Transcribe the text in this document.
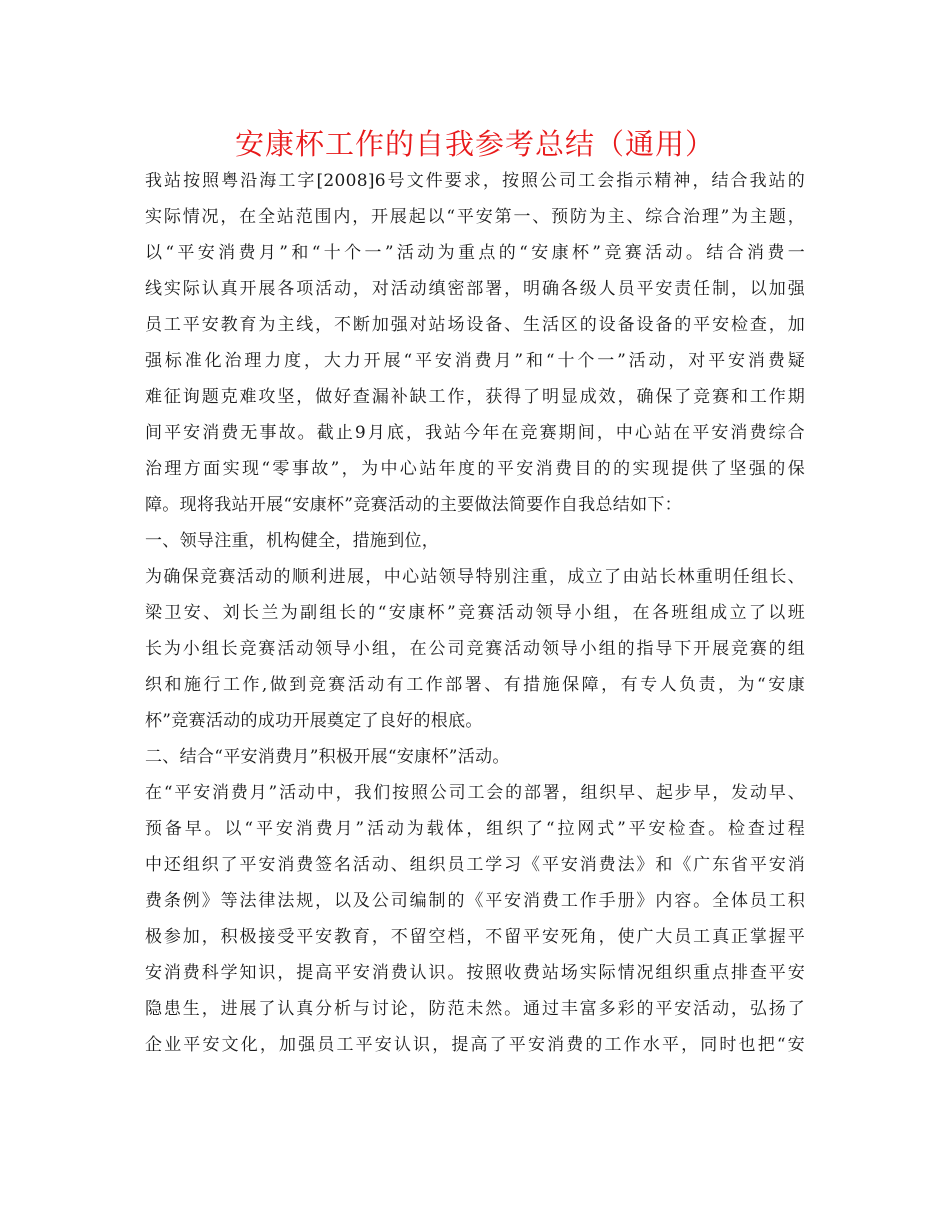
安康杯工作的自我参考总结（通用）
我站按照粤沿海工字[2008]6号文件要求，按照公司工会指示精神，结合我站的
实际情况，在全站范围内，开展起以“平安第一、预防为主、综合治理”为主题，
以“平安消费月”和“十个一”活动为重点的“安康杯”竞赛活动。结合消费一
线实际认真开展各项活动，对活动缜密部署，明确各级人员平安责任制，以加强
员工平安教育为主线，不断加强对站场设备、生活区的设备设备的平安检查，加
强标准化治理力度，大力开展“平安消费月”和“十个一”活动，对平安消费疑
难征询题克难攻坚，做好查漏补缺工作，获得了明显成效，确保了竞赛和工作期
间平安消费无事故。截止9月底，我站今年在竞赛期间，中心站在平安消费综合
治理方面实现“零事故”，为中心站年度的平安消费目的的实现提供了坚强的保
障。现将我站开展“安康杯”竞赛活动的主要做法简要作自我总结如下：
一、领导注重，机构健全，措施到位，
为确保竞赛活动的顺利进展，中心站领导特别注重，成立了由站长林重明任组长、
梁卫安、刘长兰为副组长的“安康杯”竞赛活动领导小组，在各班组成立了以班
长为小组长竞赛活动领导小组，在公司竞赛活动领导小组的指导下开展竞赛的组
织和施行工作,做到竞赛活动有工作部署、有措施保障，有专人负责，为“安康
杯”竞赛活动的成功开展奠定了良好的根底。
二、结合“平安消费月”积极开展“安康杯”活动。
在“平安消费月”活动中，我们按照公司工会的部署，组织早、起步早，发动早、
预备早。以“平安消费月”活动为载体，组织了“拉网式”平安检查。检查过程
中还组织了平安消费签名活动、组织员工学习《平安消费法》和《广东省平安消
费条例》等法律法规，以及公司编制的《平安消费工作手册》内容。全体员工积
极参加，积极接受平安教育，不留空档，不留平安死角，使广大员工真正掌握平
安消费科学知识，提高平安消费认识。按照收费站场实际情况组织重点排查平安
隐患生，进展了认真分析与讨论，防范未然。通过丰富多彩的平安活动，弘扬了
企业平安文化，加强员工平安认识，提高了平安消费的工作水平，同时也把“安
